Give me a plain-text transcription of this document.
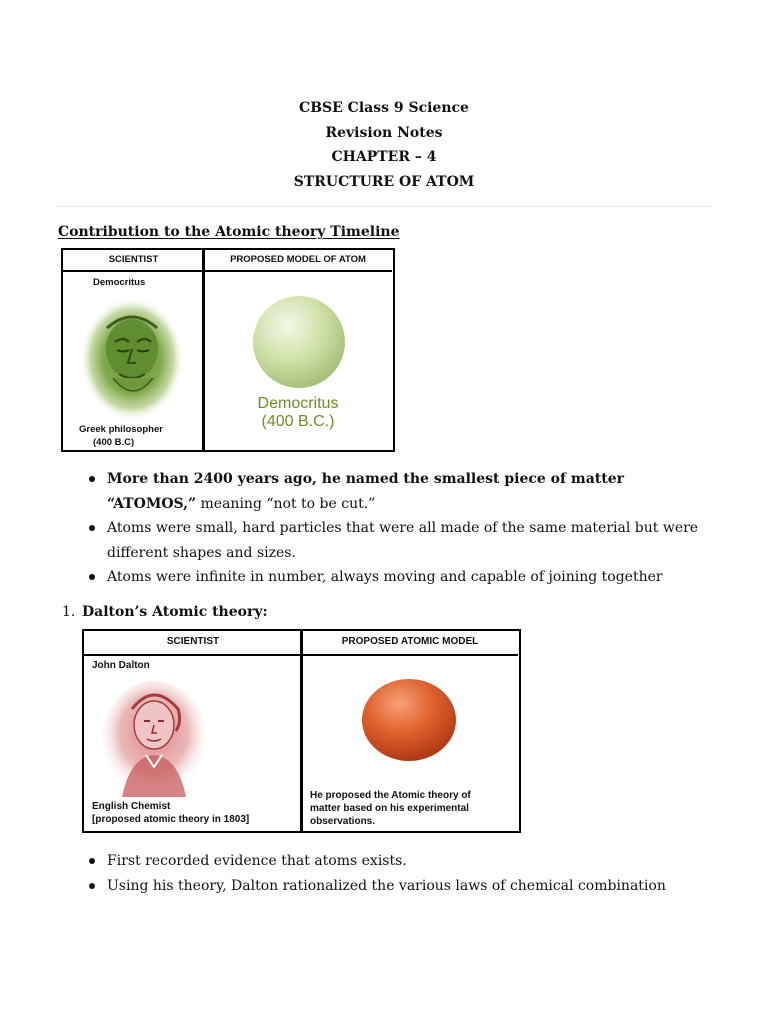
CBSE Class 9 Science
Revision Notes
CHAPTER – 4
STRUCTURE OF ATOM
Contribution to the Atomic theory Timeline
SCIENTIST	PROPOSED MODEL OF ATOM
Democritus
Greek philosopher
(400 B.C)
Democritus
(400 B.C.)
More than 2400 years ago, he named the smallest piece of matter “ATOMOS,” meaning “not to be cut.”
Atoms were small, hard particles that were all made of the same material but were different shapes and sizes.
Atoms were infinite in number, always moving and capable of joining together
1. Dalton’s Atomic theory:
SCIENTIST	PROPOSED ATOMIC MODEL
John Dalton
English Chemist
[proposed atomic theory in 1803]
He proposed the Atomic theory of
matter based on his experimental
observations.
First recorded evidence that atoms exists.
Using his theory, Dalton rationalized the various laws of chemical combination
